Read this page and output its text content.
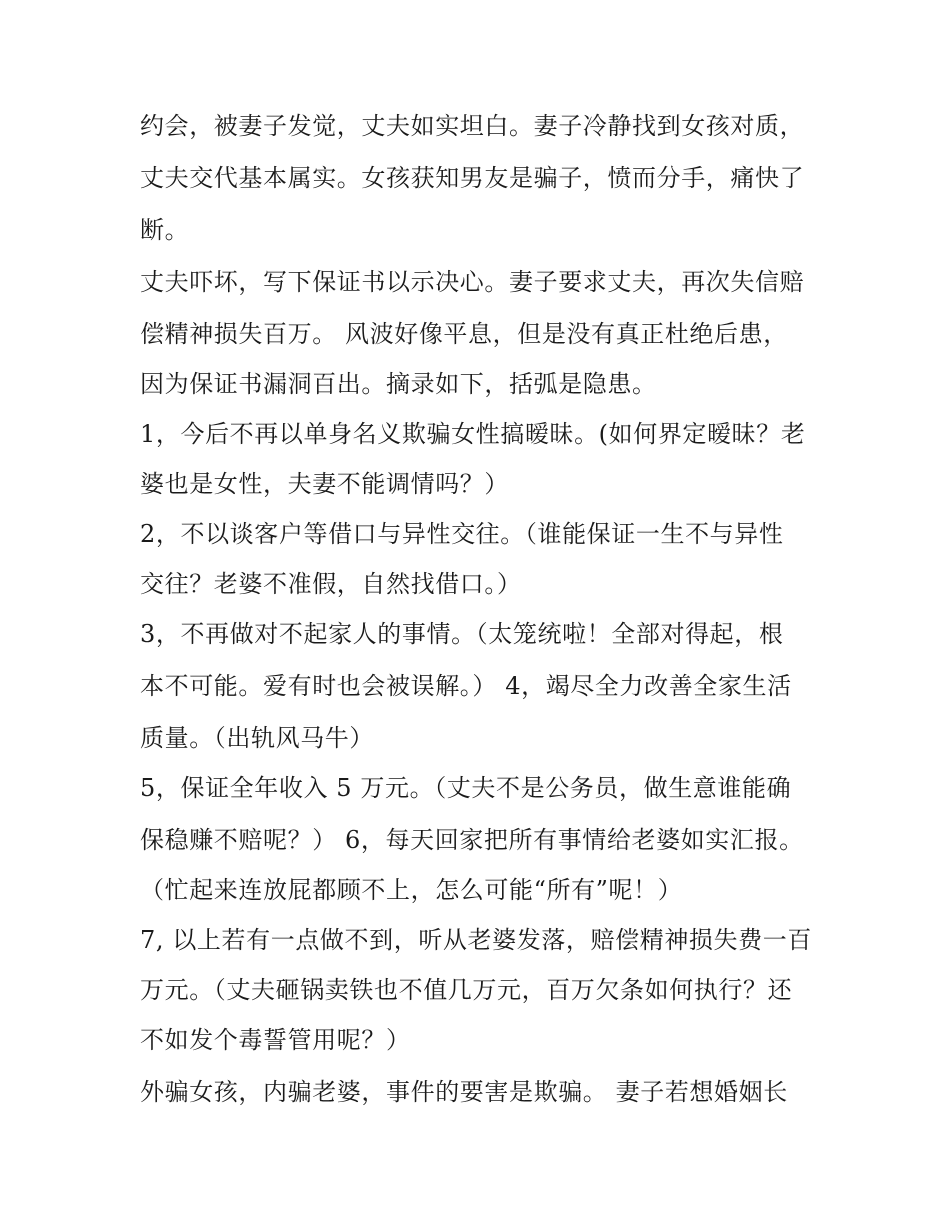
约会，被妻子发觉，丈夫如实坦白。妻子冷静找到女孩对质，
丈夫交代基本属实。女孩获知男友是骗子，愤而分手，痛快了
断。
丈夫吓坏，写下保证书以示决心。妻子要求丈夫，再次失信赔
偿精神损失百万。 风波好像平息，但是没有真正杜绝后患，
因为保证书漏洞百出。摘录如下，括弧是隐患。
1，今后不再以单身名义欺骗女性搞暧昧。(如何界定暧昧？老
婆也是女性，夫妻不能调情吗？）
2，不以谈客户等借口与异性交往。（谁能保证一生不与异性
交往？老婆不准假，自然找借口。）
3，不再做对不起家人的事情。（太笼统啦！全部对得起，根
本不可能。爱有时也会被误解。） 4，竭尽全力改善全家生活
质量。（出轨风马牛）
5，保证全年收入 5 万元。（丈夫不是公务员，做生意谁能确
保稳赚不赔呢？） 6，每天回家把所有事情给老婆如实汇报。
（忙起来连放屁都顾不上，怎么可能“所有”呢！）
7, 以上若有一点做不到，听从老婆发落，赔偿精神损失费一百
万元。（丈夫砸锅卖铁也不值几万元，百万欠条如何执行？还
不如发个毒誓管用呢？）
外骗女孩，内骗老婆，事件的要害是欺骗。 妻子若想婚姻长
